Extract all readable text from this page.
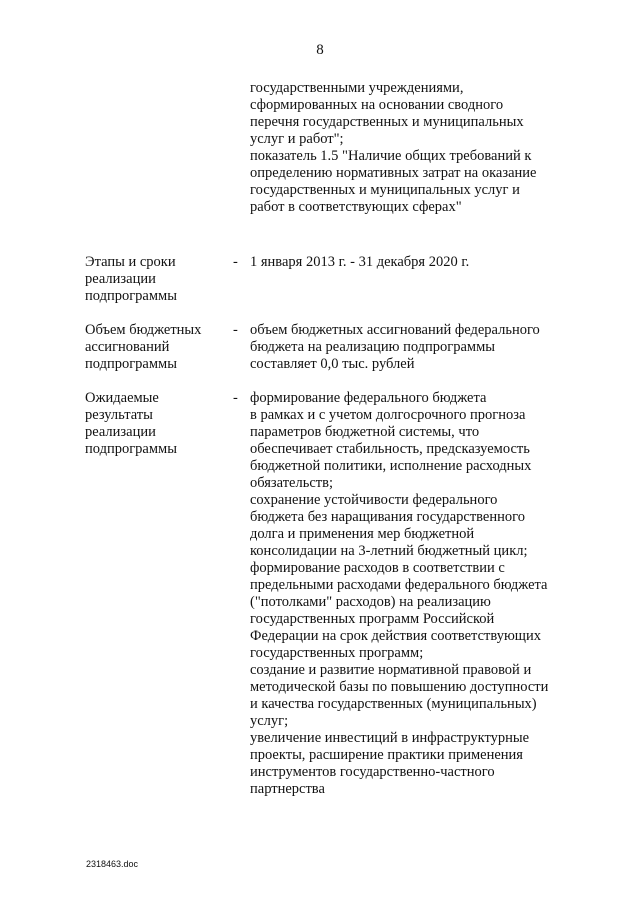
8
государственными учреждениями,
сформированных на основании сводного
перечня государственных и муниципальных
услуг и работ";
показатель 1.5 "Наличие общих требований к
определению нормативных затрат на оказание
государственных и муниципальных услуг и
работ в соответствующих сферах"
Этапы и сроки
реализации
подпрограммы
- 1 января 2013 г. - 31 декабря 2020 г.
Объем бюджетных
ассигнований
подпрограммы
- объем бюджетных ассигнований федерального
бюджета на реализацию подпрограммы
составляет 0,0 тыс. рублей
Ожидаемые
результаты
реализации
подпрограммы
- формирование федерального бюджета
в рамках и с учетом долгосрочного прогноза
параметров бюджетной системы, что
обеспечивает стабильность, предсказуемость
бюджетной политики, исполнение расходных
обязательств;
сохранение устойчивости федерального
бюджета без наращивания государственного
долга и применения мер бюджетной
консолидации на 3-летний бюджетный цикл;
формирование расходов в соответствии с
предельными расходами федерального бюджета
("потолками" расходов) на реализацию
государственных программ Российской
Федерации на срок действия соответствующих
государственных программ;
создание и развитие нормативной правовой и
методической базы по повышению доступности
и качества государственных (муниципальных)
услуг;
увеличение инвестиций в инфраструктурные
проекты, расширение практики применения
инструментов государственно-частного
партнерства
2318463.doc
